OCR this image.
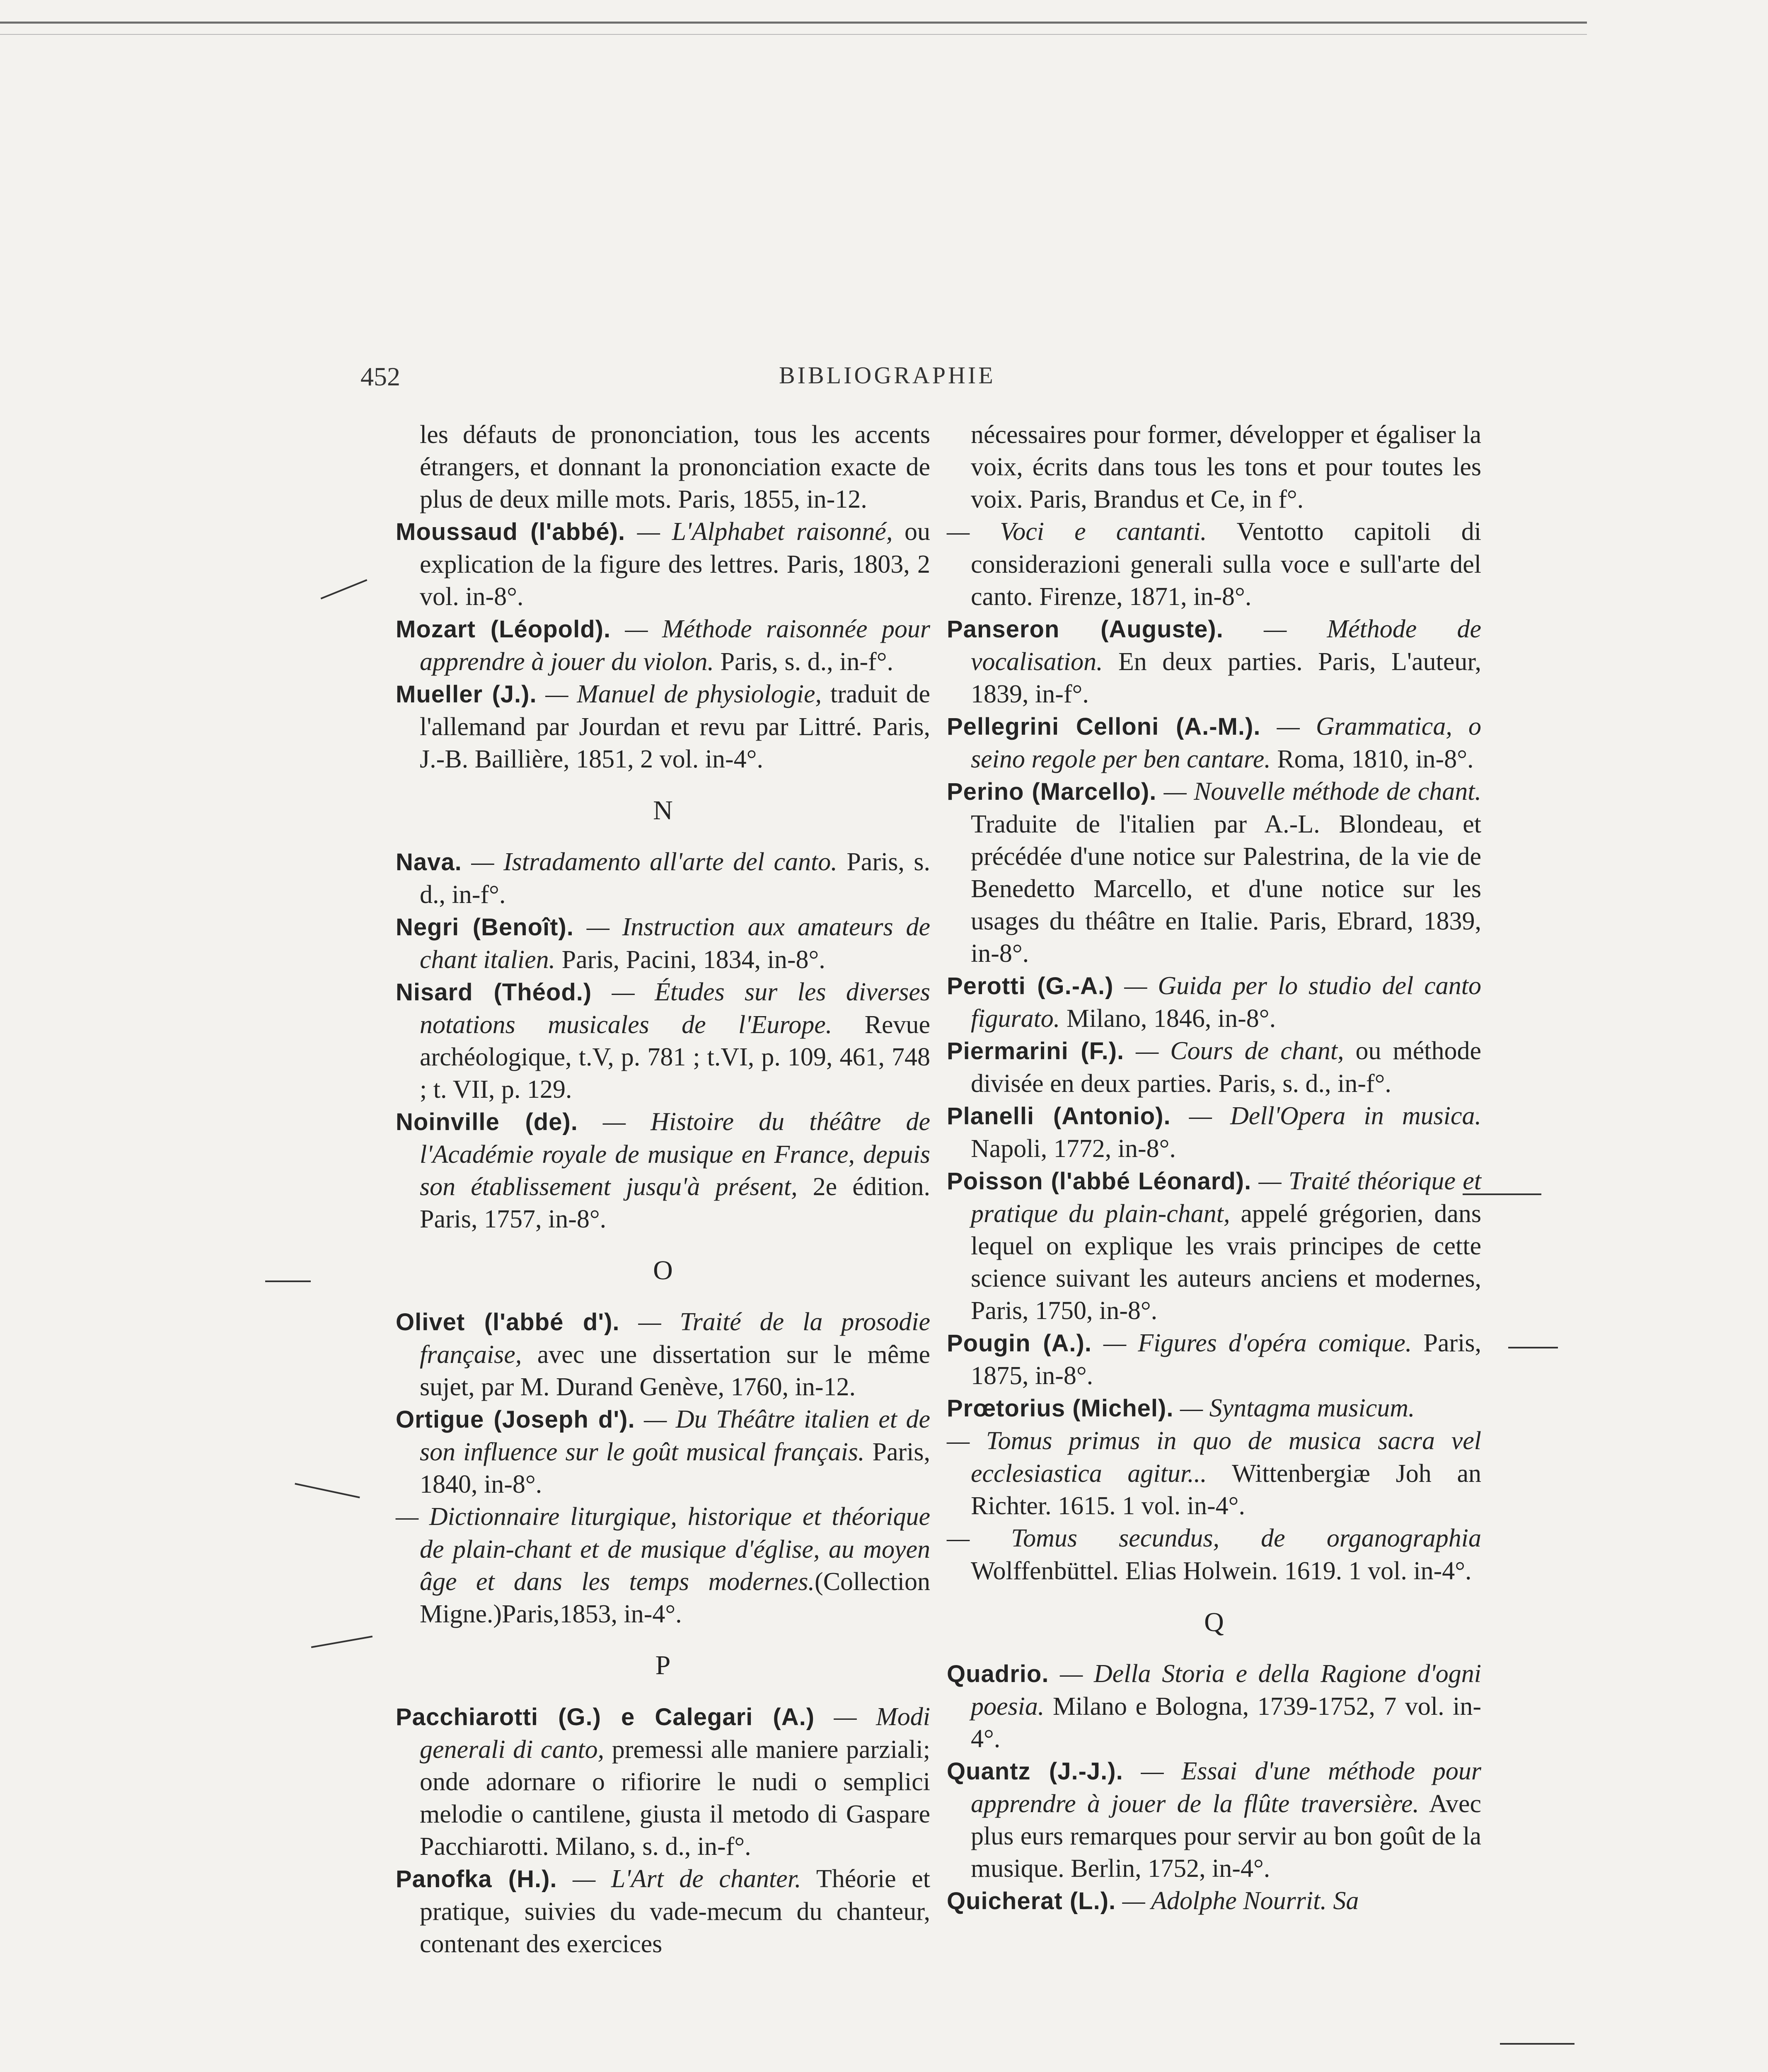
452	BIBLIOGRAPHIE

les défauts de prononciation, tous les accents étrangers, et donnant la prononciation exacte de plus de deux mille mots. Paris, 1855, in-12.

Moussaud (l'abbé). — L'Alphabet raisonné, ou explication de la figure des lettres. Paris, 1803, 2 vol. in-8°.

Mozart (Léopold). — Méthode raisonnée pour apprendre à jouer du violon. Paris, s. d., in-f°.

Mueller (J.). — Manuel de physiologie, traduit de l'allemand par Jourdan et revu par Littré. Paris, J.-B. Baillière, 1851, 2 vol. in-4°.

N

Nava. — Istradamento all'arte del canto. Paris, s. d., in-f°.

Negri (Benoît). — Instruction aux amateurs de chant italien. Paris, Pacini, 1834, in-8°.

Nisard (Théod.) — Études sur les diverses notations musicales de l'Europe. Revue archéologique, t.V, p. 781 ; t.VI, p. 109, 461, 748 ; t. VII, p. 129.

Noinville (de). — Histoire du théâtre de l'Académie royale de musique en France, depuis son établissement jusqu'à présent, 2e édition. Paris, 1757, in-8°.

O

Olivet (l'abbé d'). — Traité de la prosodie française, avec une dissertation sur le même sujet, par M. Durand Genève, 1760, in-12.

Ortigue (Joseph d'). — Du Théâtre italien et de son influence sur le goût musical français. Paris, 1840, in-8°.

— Dictionnaire liturgique, historique et théorique de plain-chant et de musique d'église, au moyen âge et dans les temps modernes.(Collection Migne.)Paris,1853, in-4°.

P

Pacchiarotti (G.) e Calegari (A.) — Modi generali di canto, premessi alle maniere parziali; onde adornare o rifiorire le nudi o semplici melodie o cantilene, giusta il metodo di Gaspare Pacchiarotti. Milano, s. d., in-f°.

Panofka (H.). — L'Art de chanter. Théorie et pratique, suivies du vade-mecum du chanteur, contenant des exercices

nécessaires pour former, développer et égaliser la voix, écrits dans tous les tons et pour toutes les voix. Paris, Brandus et Ce, in f°.

— Voci e cantanti. Ventotto capitoli di considerazioni generali sulla voce e sull'arte del canto. Firenze, 1871, in-8°.

Panseron (Auguste). — Méthode de vocalisation. En deux parties. Paris, L'auteur, 1839, in-f°.

Pellegrini Celloni (A.-M.). — Grammatica, o seino regole per ben cantare. Roma, 1810, in-8°.

Perino (Marcello). — Nouvelle méthode de chant. Traduite de l'italien par A.-L. Blondeau, et précédée d'une notice sur Palestrina, de la vie de Benedetto Marcello, et d'une notice sur les usages du théâtre en Italie. Paris, Ebrard, 1839, in-8°.

Perotti (G.-A.) — Guida per lo studio del canto figurato. Milano, 1846, in-8°.

Piermarini (F.). — Cours de chant, ou méthode divisée en deux parties. Paris, s. d., in-f°.

Planelli (Antonio). — Dell'Opera in musica. Napoli, 1772, in-8°.

Poisson (l'abbé Léonard). — Traité théorique et pratique du plain-chant, appelé grégorien, dans lequel on explique les vrais principes de cette science suivant les auteurs anciens et modernes, Paris, 1750, in-8°.

Pougin (A.). — Figures d'opéra comique. Paris, 1875, in-8°.

Prœtorius (Michel). — Syntagma musicum.

— Tomus primus in quo de musica sacra vel ecclesiastica agitur... Wittenbergiæ Joh an Richter. 1615. 1 vol. in-4°.

— Tomus secundus, de organographia Wolffenbüttel. Elias Holwein. 1619. 1 vol. in-4°.

Q

Quadrio. — Della Storia e della Ragione d'ogni poesia. Milano e Bologna, 1739-1752, 7 vol. in-4°.

Quantz (J.-J.). — Essai d'une méthode pour apprendre à jouer de la flûte traversière. Avec plus eurs remarques pour servir au bon goût de la musique. Berlin, 1752, in-4°.

Quicherat (L.). — Adolphe Nourrit. Sa
